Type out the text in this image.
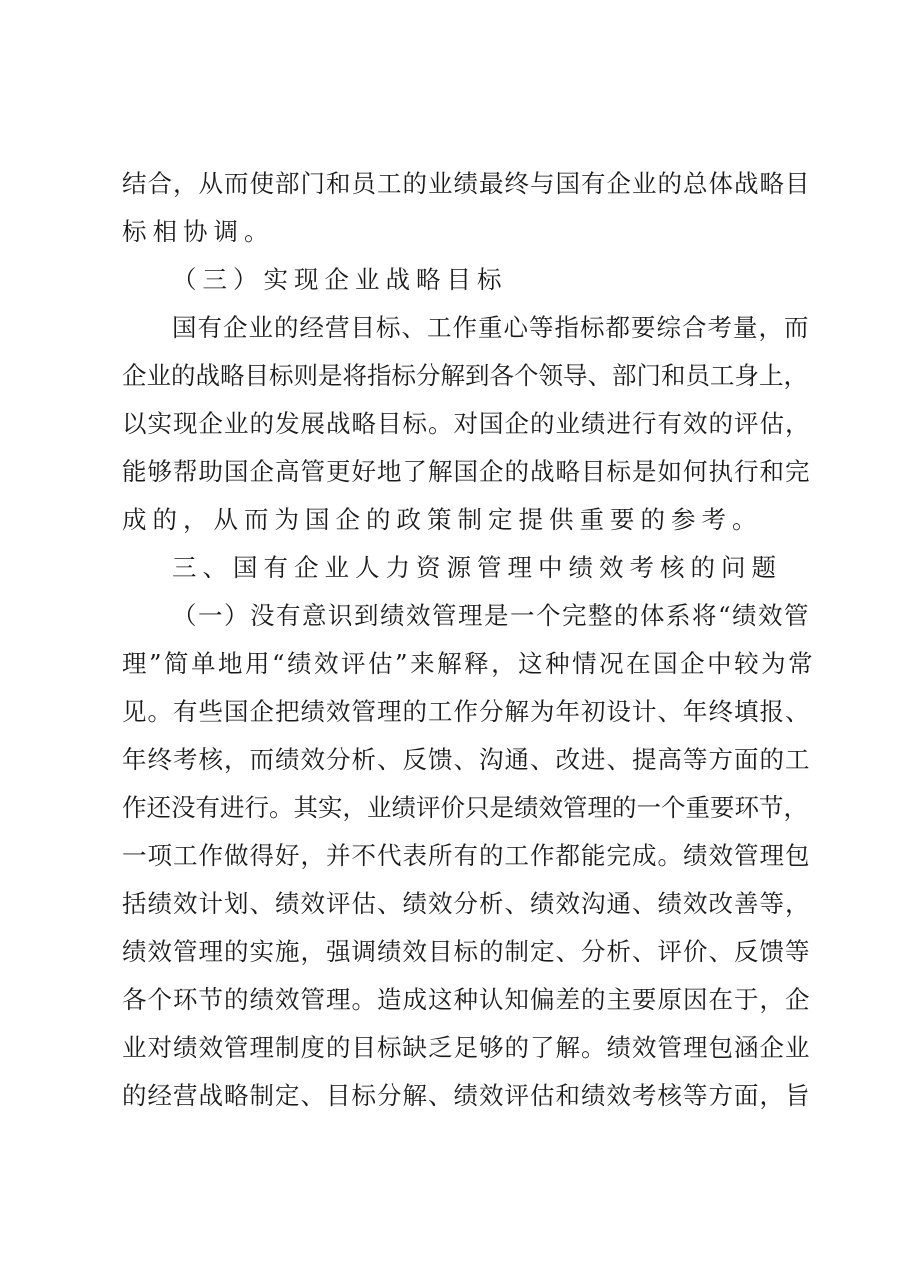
结合，从而使部门和员工的业绩最终与国有企业的总体战略目
标相协调。
（三）实现企业战略目标
国有企业的经营目标、工作重心等指标都要综合考量，而
企业的战略目标则是将指标分解到各个领导、部门和员工身上，
以实现企业的发展战略目标。对国企的业绩进行有效的评估，
能够帮助国企高管更好地了解国企的战略目标是如何执行和完
成的，从而为国企的政策制定提供重要的参考。
三、国有企业人力资源管理中绩效考核的问题
（一）没有意识到绩效管理是一个完整的体系将“绩效管
理”简单地用“绩效评估”来解释，这种情况在国企中较为常
见。有些国企把绩效管理的工作分解为年初设计、年终填报、
年终考核，而绩效分析、反馈、沟通、改进、提高等方面的工
作还没有进行。其实，业绩评价只是绩效管理的一个重要环节，
一项工作做得好，并不代表所有的工作都能完成。绩效管理包
括绩效计划、绩效评估、绩效分析、绩效沟通、绩效改善等，
绩效管理的实施，强调绩效目标的制定、分析、评价、反馈等
各个环节的绩效管理。造成这种认知偏差的主要原因在于，企
业对绩效管理制度的目标缺乏足够的了解。绩效管理包涵企业
的经营战略制定、目标分解、绩效评估和绩效考核等方面，旨
